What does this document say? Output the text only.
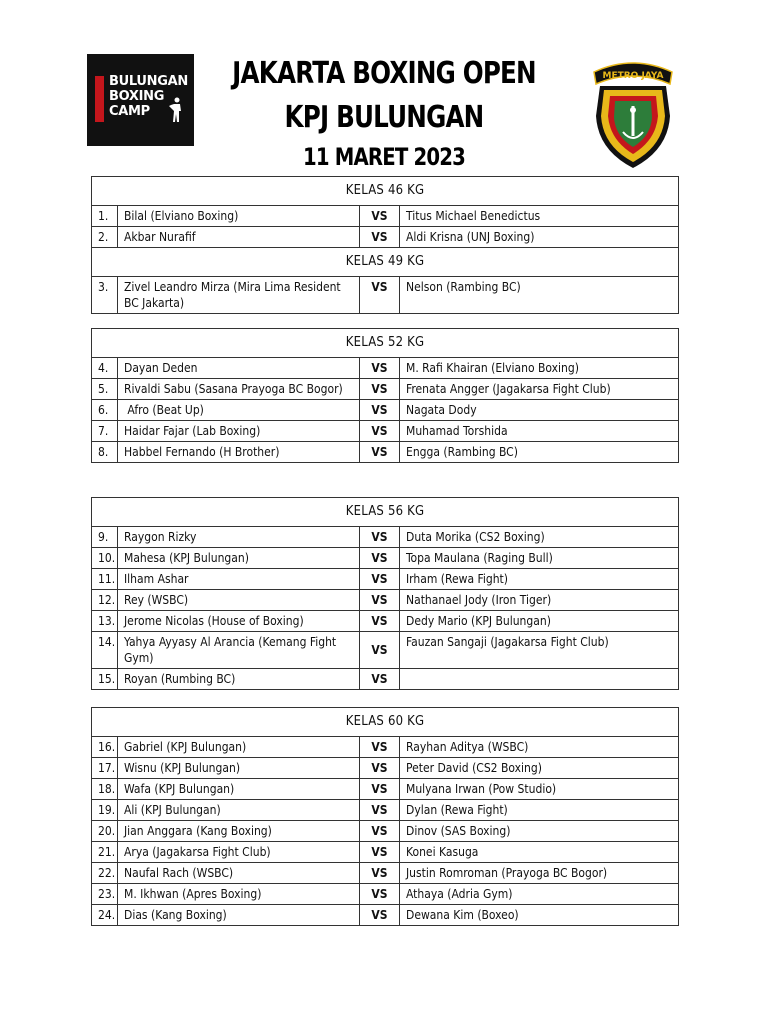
BULUNGAN
BOXING
CAMP
JAKARTA BOXING OPEN
KPJ BULUNGAN
11 MARET 2023
METRO JAYA
KELAS 46 KG			
1.	Bilal (Elviano Boxing)	VS	Titus Michael Benedictus
2.	Akbar Nurafif	VS	Aldi Krisna (UNJ Boxing)
KELAS 49 KG			
3.	Zivel Leandro Mirza (Mira Lima Resident BC Jakarta)	VS	Nelson (Rambing BC)
KELAS 52 KG			
4.	Dayan Deden	VS	M. Rafi Khairan (Elviano Boxing)
5.	Rivaldi Sabu (Sasana Prayoga BC Bogor)	VS	Frenata Angger (Jagakarsa Fight Club)
6.	Afro (Beat Up)	VS	Nagata Dody
7.	Haidar Fajar (Lab Boxing)	VS	Muhamad Torshida
8.	Habbel Fernando (H Brother)	VS	Engga (Rambing BC)
KELAS 56 KG			
9.	Raygon Rizky	VS	Duta Morika (CS2 Boxing)
10.	Mahesa (KPJ Bulungan)	VS	Topa Maulana (Raging Bull)
11.	Ilham Ashar	VS	Irham (Rewa Fight)
12.	Rey (WSBC)	VS	Nathanael Jody (Iron Tiger)
13.	Jerome Nicolas (House of Boxing)	VS	Dedy Mario (KPJ Bulungan)
14.	Yahya Ayyasy Al Arancia (Kemang Fight Gym)	VS	Fauzan Sangaji (Jagakarsa Fight Club)
15.	Royan (Rumbing BC)	VS	
KELAS 60 KG			
16.	Gabriel (KPJ Bulungan)	VS	Rayhan Aditya (WSBC)
17.	Wisnu (KPJ Bulungan)	VS	Peter David (CS2 Boxing)
18.	Wafa (KPJ Bulungan)	VS	Mulyana Irwan (Pow Studio)
19.	Ali (KPJ Bulungan)	VS	Dylan (Rewa Fight)
20.	Jian Anggara (Kang Boxing)	VS	Dinov (SAS Boxing)
21.	Arya (Jagakarsa Fight Club)	VS	Konei Kasuga
22.	Naufal Rach (WSBC)	VS	Justin Romroman (Prayoga BC Bogor)
23.	M. Ikhwan (Apres Boxing)	VS	Athaya (Adria Gym)
24.	Dias (Kang Boxing)	VS	Dewana Kim (Boxeo)
